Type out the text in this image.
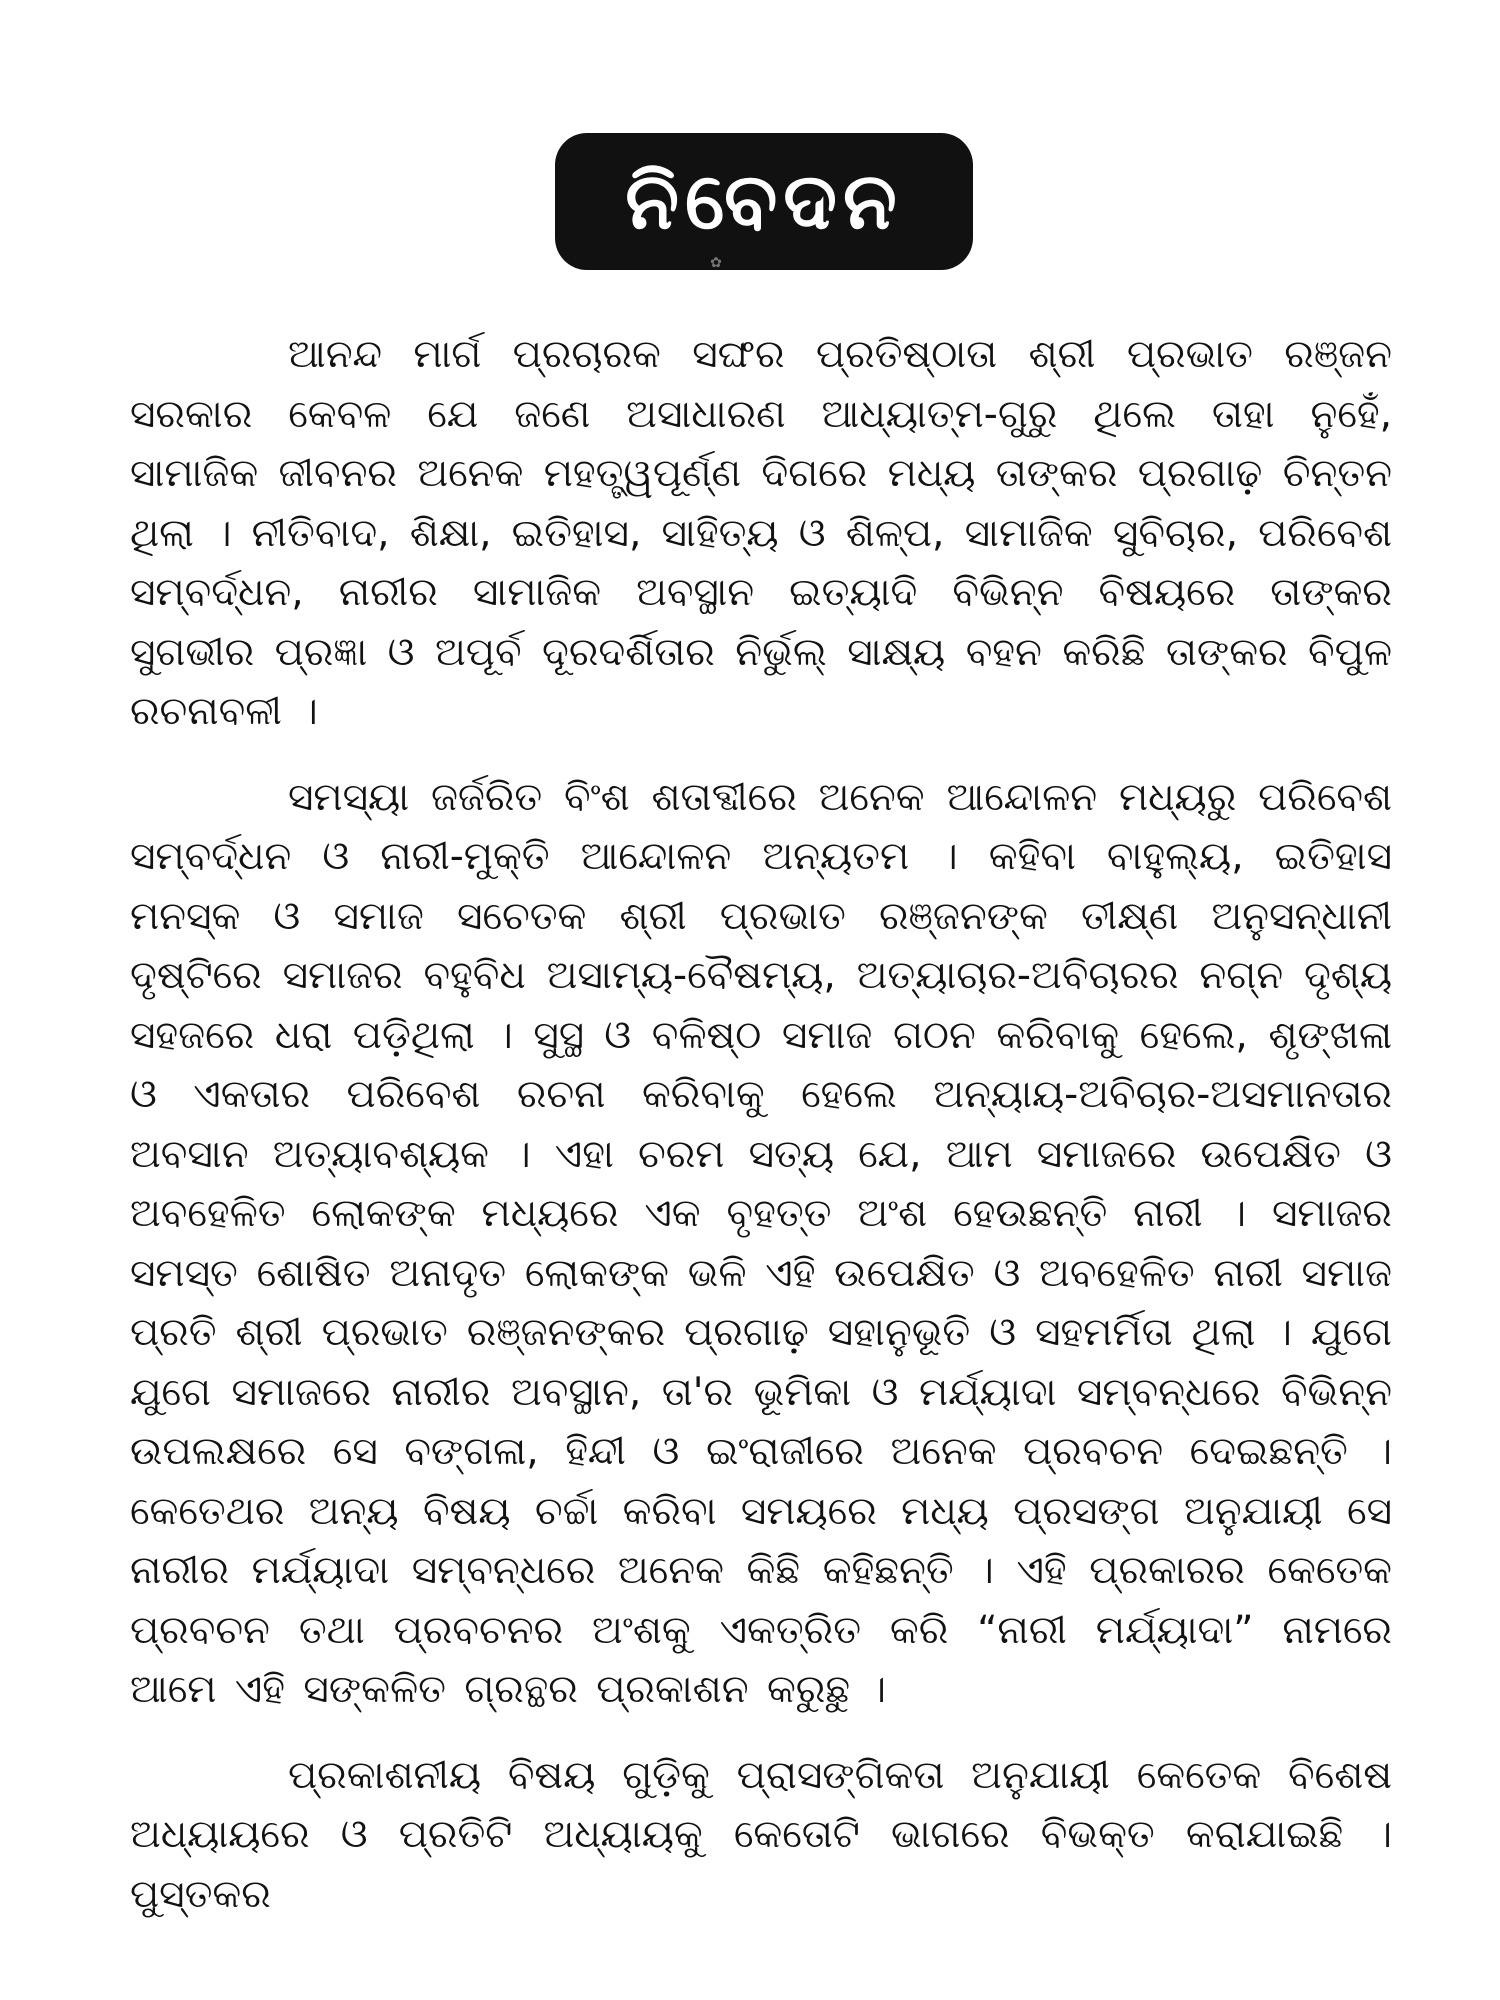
ନିବେଦନ
✿

ଆନନ୍ଦ ମାର୍ଗ ପ୍ରଚାରକ ସଙ୍ଘର ପ୍ରତିଷ୍ଠାତା ଶ୍ରୀ ପ୍ରଭାତ ରଞ୍ଜନ ସରକାର କେବଳ ଯେ ଜଣେ ଅସାଧାରଣ ଆଧ୍ୟାତ୍ମ-ଗୁରୁ ଥିଲେ ତାହା ନୁହେଁ, ସାମାଜିକ ଜୀବନର ଅନେକ ମହତ୍ତ୍ୱପୂର୍ଣ୍ଣ ଦିଗରେ ମଧ୍ୟ ତାଙ୍କର ପ୍ରଗାଢ଼ ଚିନ୍ତନ ଥିଲା । ନୀତିବାଦ, ଶିକ୍ଷା, ଇତିହାସ, ସାହିତ୍ୟ ଓ ଶିଳ୍ପ, ସାମାଜିକ ସୁବିଚାର, ପରିବେଶ ସମ୍ବର୍ଦ୍ଧନ, ନାରୀର ସାମାଜିକ ଅବସ୍ଥାନ ଇତ୍ୟାଦି ବିଭିନ୍ନ ବିଷୟରେ ତାଙ୍କର ସୁଗଭୀର ପ୍ରଜ୍ଞା ଓ ଅପୂର୍ବ ଦୂରଦର୍ଶିତାର ନିର୍ଭୁଲ୍ ସାକ୍ଷ୍ୟ ବହନ କରିଛି ତାଙ୍କର ବିପୁଳ ରଚନାବଳୀ ।

ସମସ୍ୟା ଜର୍ଜରିତ ବିଂଶ ଶତାବ୍ଦୀରେ ଅନେକ ଆନ୍ଦୋଳନ ମଧ୍ୟରୁ ପରିବେଶ ସମ୍ବର୍ଦ୍ଧନ ଓ ନାରୀ-ମୁକ୍ତି ଆନ୍ଦୋଳନ ଅନ୍ୟତମ । କହିବା ବାହୁଲ୍ୟ, ଇତିହାସ ମନସ୍କ ଓ ସମାଜ ସଚେତକ ଶ୍ରୀ ପ୍ରଭାତ ରଞ୍ଜନଙ୍କ ତୀକ୍ଷ୍ଣ ଅନୁସନ୍ଧାନୀ ଦୃଷ୍ଟିରେ ସମାଜର ବହୁବିଧ ଅସାମ୍ୟ-ବୈଷମ୍ୟ, ଅତ୍ୟାଚାର-ଅବିଚାରର ନଗ୍ନ ଦୃଶ୍ୟ ସହଜରେ ଧରା ପଡ଼ିଥିଲା । ସୁସ୍ଥ ଓ ବଳିଷ୍ଠ ସମାଜ ଗଠନ କରିବାକୁ ହେଲେ, ଶୃଙ୍ଖଳା ଓ ଏକତାର ପରିବେଶ ରଚନା କରିବାକୁ ହେଲେ ଅନ୍ୟାୟ-ଅବିଚାର-ଅସମାନତାର ଅବସାନ ଅତ୍ୟାବଶ୍ୟକ । ଏହା ଚରମ ସତ୍ୟ ଯେ, ଆମ ସମାଜରେ ଉପେକ୍ଷିତ ଓ ଅବହେଳିତ ଲୋକଙ୍କ ମଧ୍ୟରେ ଏକ ବୃହତ୍ତ ଅଂଶ ହେଉଛନ୍ତି ନାରୀ । ସମାଜର ସମସ୍ତ ଶୋଷିତ ଅନାଦୃତ ଲୋକଙ୍କ ଭଳି ଏହି ଉପେକ୍ଷିତ ଓ ଅବହେଳିତ ନାରୀ ସମାଜ ପ୍ରତି ଶ୍ରୀ ପ୍ରଭାତ ରଞ୍ଜନଙ୍କର ପ୍ରଗାଢ଼ ସହାନୁଭୂତି ଓ ସହମର୍ମିତା ଥିଲା । ଯୁଗେ ଯୁଗେ ସମାଜରେ ନାରୀର ଅବସ୍ଥାନ, ତା'ର ଭୂମିକା ଓ ମର୍ଯ୍ୟାଦା ସମ୍ବନ୍ଧରେ ବିଭିନ୍ନ ଉପଲକ୍ଷରେ ସେ ବଙ୍ଗଳା, ହିନ୍ଦୀ ଓ ଇଂରାଜୀରେ ଅନେକ ପ୍ରବଚନ ଦେଇଛନ୍ତି । କେତେଥର ଅନ୍ୟ ବିଷୟ ଚର୍ଚ୍ଚା କରିବା ସମୟରେ ମଧ୍ୟ ପ୍ରସଙ୍ଗ ଅନୁଯାୟୀ ସେ ନାରୀର ମର୍ଯ୍ୟାଦା ସମ୍ବନ୍ଧରେ ଅନେକ କିଛି କହିଛନ୍ତି । ଏହି ପ୍ରକାରର କେତେକ ପ୍ରବଚନ ତଥା ପ୍ରବଚନର ଅଂଶକୁ ଏକତ୍ରିତ କରି “ନାରୀ ମର୍ଯ୍ୟାଦା” ନାମରେ ଆମେ ଏହି ସଙ୍କଳିତ ଗ୍ରନ୍ଥର ପ୍ରକାଶନ କରୁଛୁ ।

ପ୍ରକାଶନୀୟ ବିଷୟ ଗୁଡ଼ିକୁ ପ୍ରାସଙ୍ଗିକତା ଅନୁଯାୟୀ କେତେକ ବିଶେଷ ଅଧ୍ୟାୟରେ ଓ ପ୍ରତିଟି ଅଧ୍ୟାୟକୁ କେତୋଟି ଭାଗରେ ବିଭକ୍ତ କରାଯାଇଛି । ପୁସ୍ତକର
